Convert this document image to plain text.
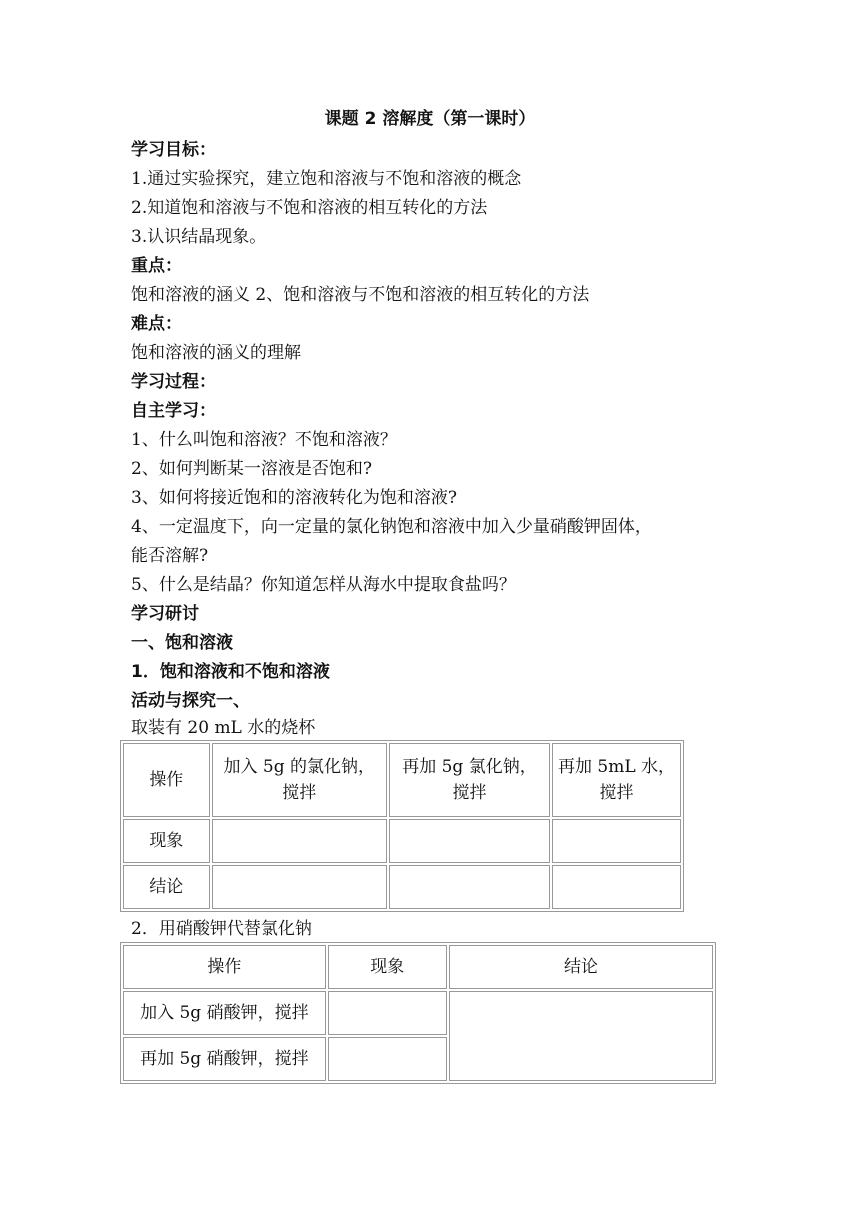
课题 2 溶解度（第一课时）
学习目标：
1.通过实验探究，建立饱和溶液与不饱和溶液的概念
2.知道饱和溶液与不饱和溶液的相互转化的方法
3.认识结晶现象。
重点：
饱和溶液的涵义 2、饱和溶液与不饱和溶液的相互转化的方法
难点：
饱和溶液的涵义的理解
学习过程：
自主学习：
1、什么叫饱和溶液？不饱和溶液？
2、如何判断某一溶液是否饱和?
3、如何将接近饱和的溶液转化为饱和溶液?
4、一定温度下，向一定量的氯化钠饱和溶液中加入少量硝酸钾固体，
能否溶解?
5、什么是结晶？你知道怎样从海水中提取食盐吗？
学习研讨
一、饱和溶液
1．饱和溶液和不饱和溶液
活动与探究一、
取装有 20 mL 水的烧杯
操作	加入 5g 的氯化钠，搅拌	再加 5g 氯化钠，搅拌	再加 5mL 水，搅拌
现象			
结论			
2．用硝酸钾代替氯化钠
操作	现象	结论
加入 5g 硝酸钾，搅拌		
再加 5g 硝酸钾，搅拌		
